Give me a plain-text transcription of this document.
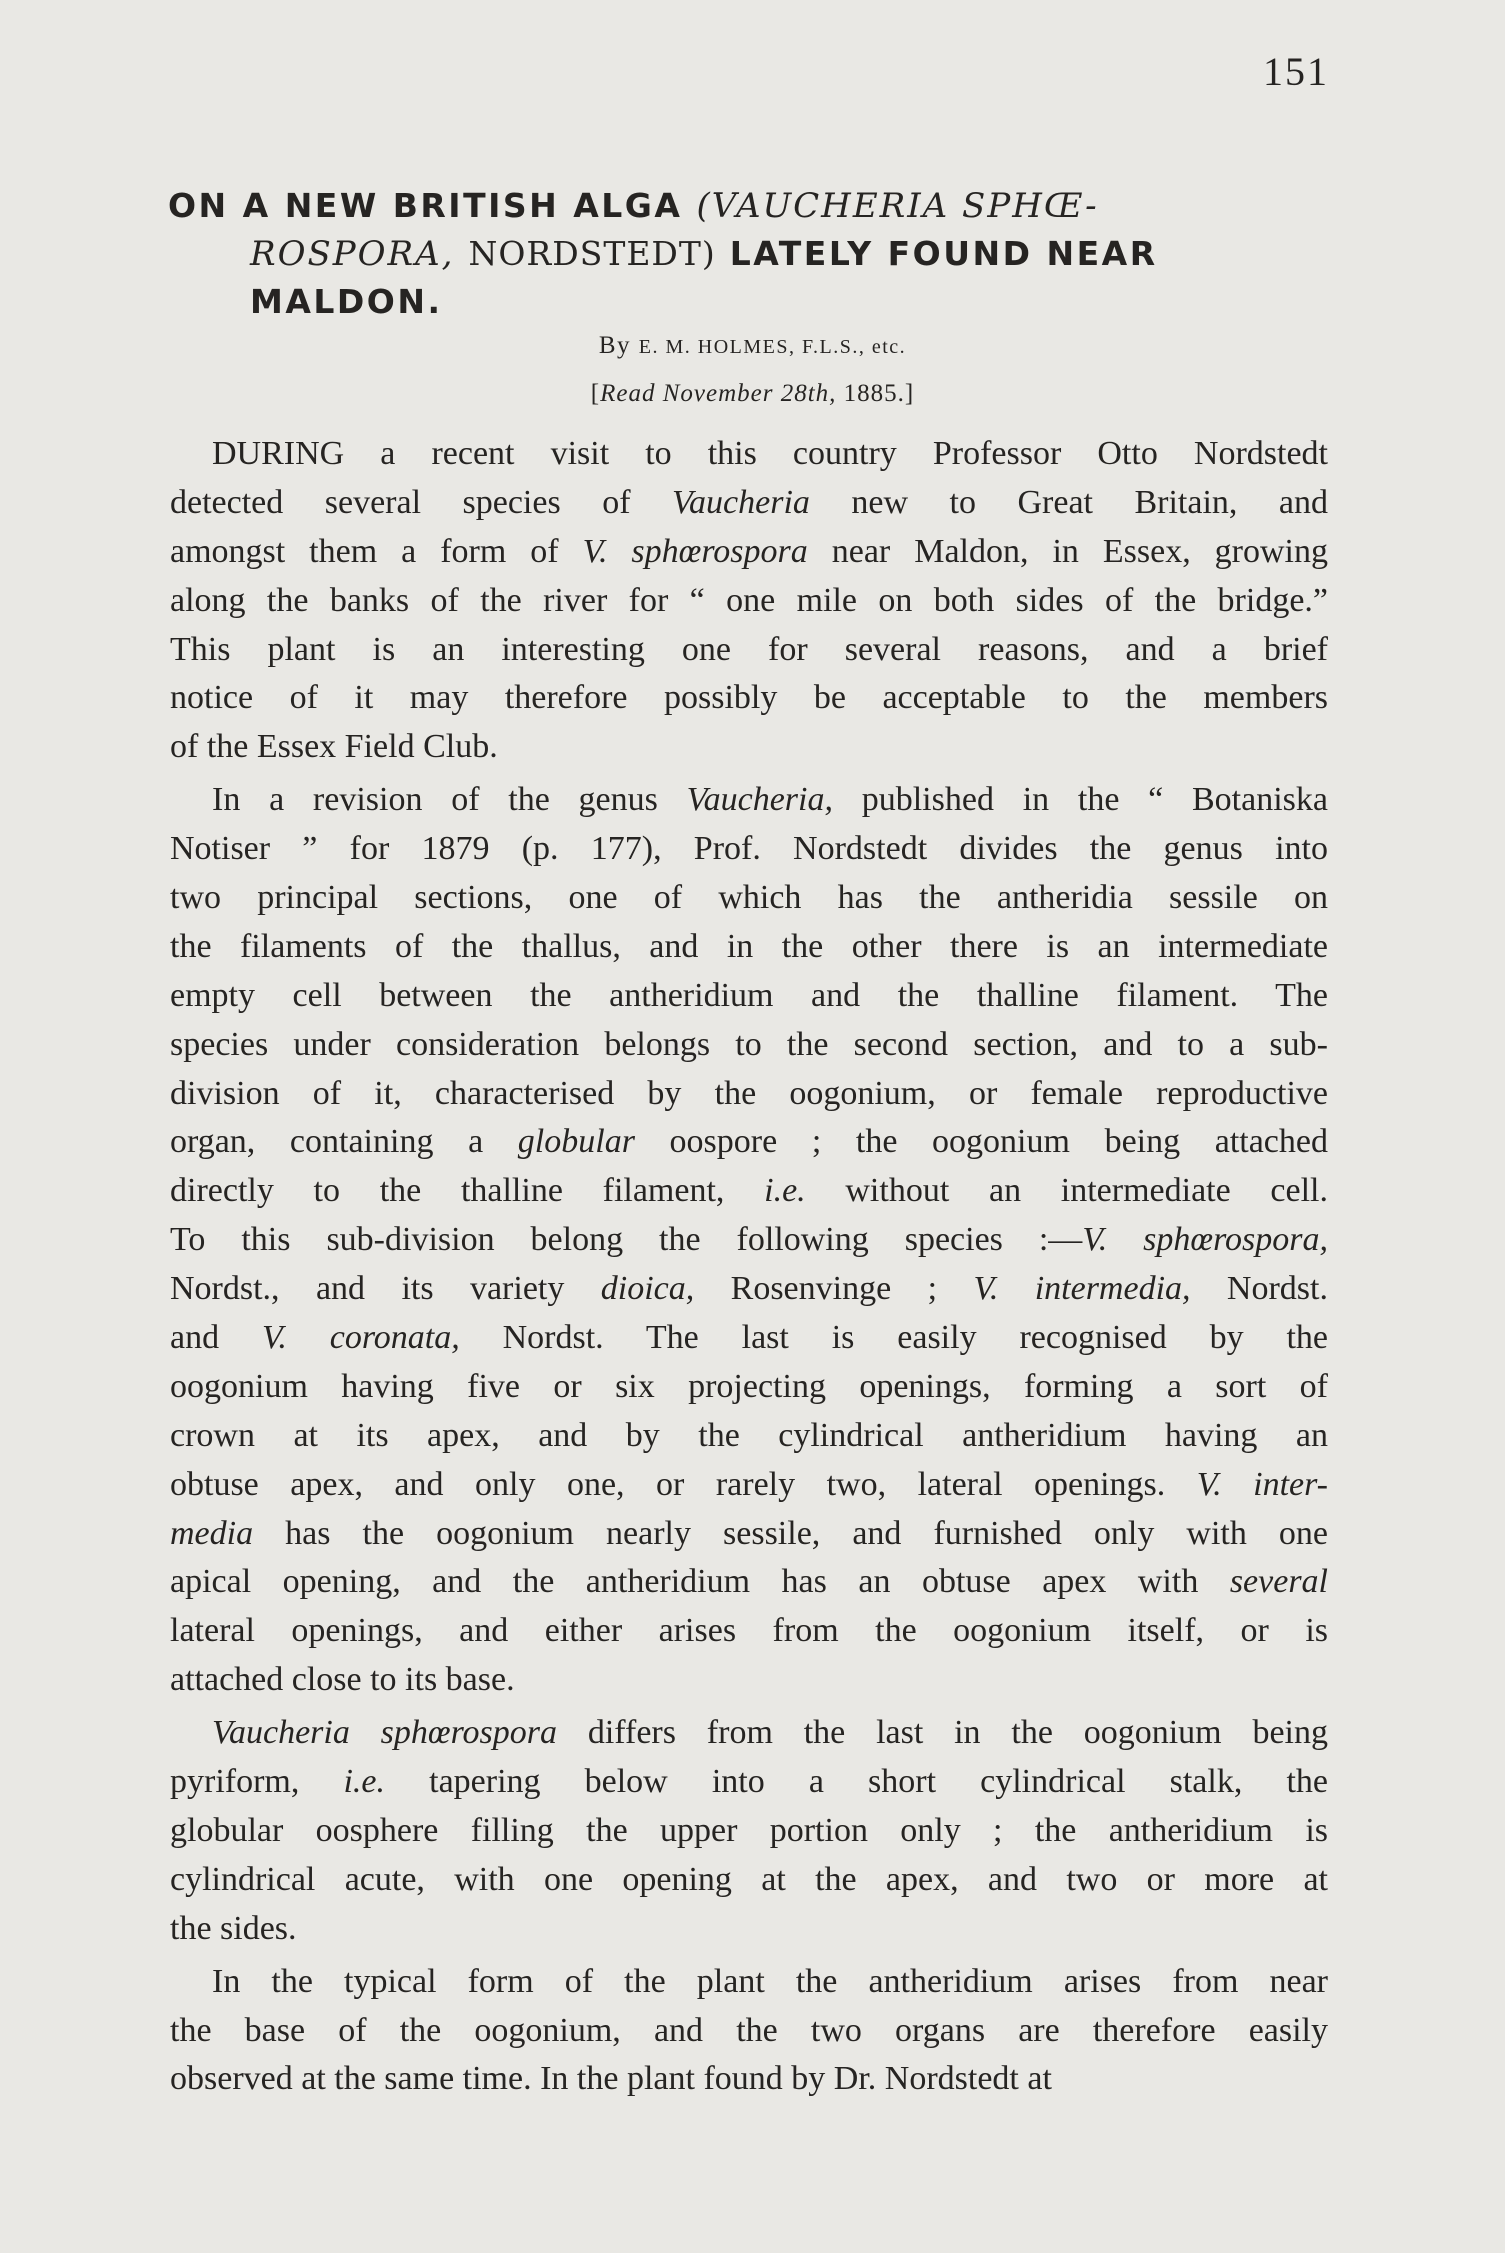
151
ON A NEW BRITISH ALGA (VAUCHERIA SPHŒ-
ROSPORA, NORDSTEDT) LATELY FOUND NEAR
MALDON.
By E. M. HOLMES, F.L.S., etc.
[Read November 28th, 1885.]
DURING a recent visit to this country Professor Otto Nordstedt
detected several species of Vaucheria new to Great Britain, and
amongst them a form of V. sphœrospora near Maldon, in Essex, growing
along the banks of the river for “ one mile on both sides of the bridge.”
This plant is an interesting one for several reasons, and a brief
notice of it may therefore possibly be acceptable to the members
of the Essex Field Club.
In a revision of the genus Vaucheria, published in the “ Botaniska
Notiser ” for 1879 (p. 177), Prof. Nordstedt divides the genus into
two principal sections, one of which has the antheridia sessile on
the filaments of the thallus, and in the other there is an intermediate
empty cell between the antheridium and the thalline filament. The
species under consideration belongs to the second section, and to a sub-
division of it, characterised by the oogonium, or female reproductive
organ, containing a globular oospore ; the oogonium being attached
directly to the thalline filament, i.e. without an intermediate cell.
To this sub-division belong the following species :—V. sphœrospora,
Nordst., and its variety dioica, Rosenvinge ; V. intermedia, Nordst.
and V. coronata, Nordst. The last is easily recognised by the
oogonium having five or six projecting openings, forming a sort of
crown at its apex, and by the cylindrical antheridium having an
obtuse apex, and only one, or rarely two, lateral openings. V. inter-
media has the oogonium nearly sessile, and furnished only with one
apical opening, and the antheridium has an obtuse apex with several
lateral openings, and either arises from the oogonium itself, or is
attached close to its base.
Vaucheria sphœrospora differs from the last in the oogonium being
pyriform, i.e. tapering below into a short cylindrical stalk, the
globular oosphere filling the upper portion only ; the antheridium is
cylindrical acute, with one opening at the apex, and two or more at
the sides.
In the typical form of the plant the antheridium arises from near
the base of the oogonium, and the two organs are therefore easily
observed at the same time. In the plant found by Dr. Nordstedt at
